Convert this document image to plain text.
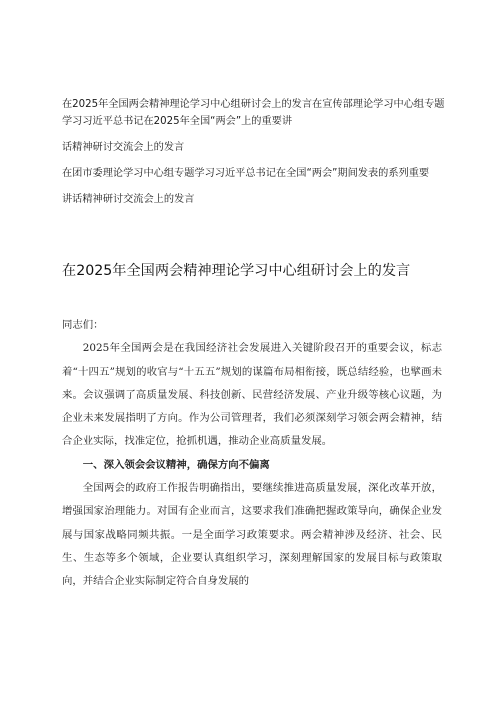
在2025年全国两会精神理论学习中心组研讨会上的发言在宣传部理论学习中心组专题
学习习近平总书记在2025年全国“两会”上的重要讲
话精神研讨交流会上的发言
在团市委理论学习中心组专题学习习近平总书记在全国“两会”期间发表的系列重要
讲话精神研讨交流会上的发言
在2025年全国两会精神理论学习中心组研讨会上的发言

同志们：

2025年全国两会是在我国经济社会发展进入关键阶段召开的重要会议，标志着“十四五”规划的收官与“十五五”规划的谋篇布局相衔接，既总结经验，也擘画未来。会议强调了高质量发展、科技创新、民营经济发展、产业升级等核心议题，为企业未来发展指明了方向。作为公司管理者，我们必须深刻学习领会两会精神，结合企业实际，找准定位，抢抓机遇，推动企业高质量发展。

一、深入领会会议精神，确保方向不偏离

全国两会的政府工作报告明确指出，要继续推进高质量发展，深化改革开放，增强国家治理能力。对国有企业而言，这要求我们准确把握政策导向，确保企业发展与国家战略同频共振。一是全面学习政策要求。两会精神涉及经济、社会、民生、生态等多个领域，企业要认真组织学习，深刻理解国家的发展目标与政策取向，并结合企业实际制定符合自身发展的
